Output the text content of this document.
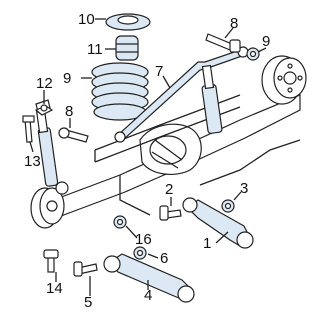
10
11
9	7
8
9
12
8
13
1
2	3
4
5
6
16
14
